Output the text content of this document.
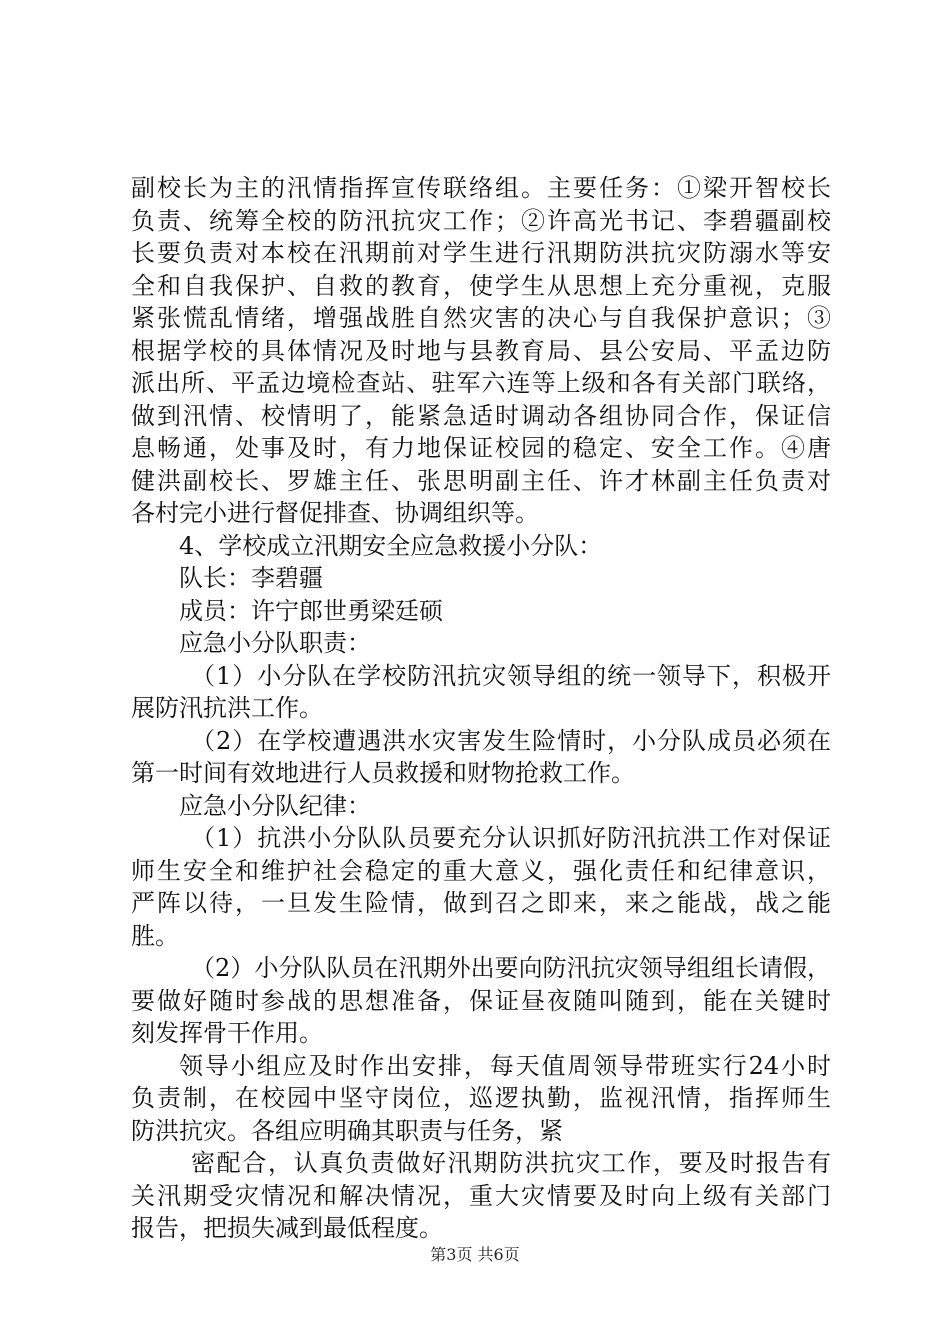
副校长为主的汛情指挥宣传联络组。主要任务：①梁开智校长
负责、统筹全校的防汛抗灾工作；②许高光书记、李碧疆副校
长要负责对本校在汛期前对学生进行汛期防洪抗灾防溺水等安
全和自我保护、自救的教育，使学生从思想上充分重视，克服
紧张慌乱情绪，增强战胜自然灾害的决心与自我保护意识；③
根据学校的具体情况及时地与县教育局、县公安局、平孟边防
派出所、平孟边境检查站、驻军六连等上级和各有关部门联络，
做到汛情、校情明了，能紧急适时调动各组协同合作，保证信
息畅通，处事及时，有力地保证校园的稳定、安全工作。④唐
健洪副校长、罗雄主任、张思明副主任、许才林副主任负责对
各村完小进行督促排查、协调组织等。
4、学校成立汛期安全应急救援小分队：
队长：李碧疆
成员：许宁郎世勇梁廷硕
应急小分队职责：
（1）小分队在学校防汛抗灾领导组的统一领导下，积极开
展防汛抗洪工作。
（2）在学校遭遇洪水灾害发生险情时，小分队成员必须在
第一时间有效地进行人员救援和财物抢救工作。
应急小分队纪律：
（1）抗洪小分队队员要充分认识抓好防汛抗洪工作对保证
师生安全和维护社会稳定的重大意义，强化责任和纪律意识，
严阵以待，一旦发生险情，做到召之即来，来之能战，战之能
胜。
（2）小分队队员在汛期外出要向防汛抗灾领导组组长请假，
要做好随时参战的思想准备，保证昼夜随叫随到，能在关键时
刻发挥骨干作用。
领导小组应及时作出安排，每天值周领导带班实行24小时
负责制，在校园中坚守岗位，巡逻执勤，监视汛情，指挥师生
防洪抗灾。各组应明确其职责与任务，紧
密配合，认真负责做好汛期防洪抗灾工作，要及时报告有
关汛期受灾情况和解决情况，重大灾情要及时向上级有关部门
报告，把损失减到最低程度。
第3页 共6页
